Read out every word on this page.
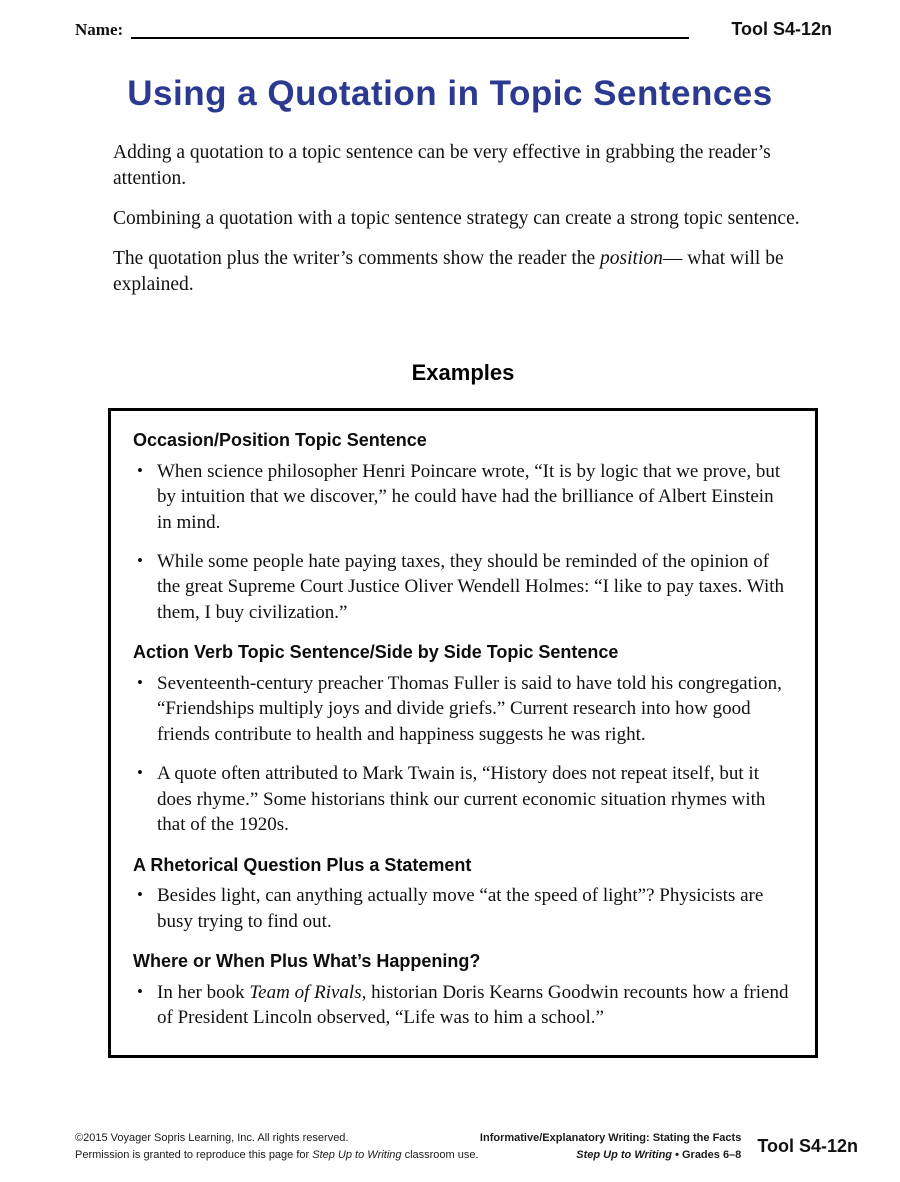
Name:	Tool S4-12n
Using a Quotation in Topic Sentences

Adding a quotation to a topic sentence can be very effective in grabbing the reader’s attention.

Combining a quotation with a topic sentence strategy can create a strong topic sentence.

The quotation plus the writer’s comments show the reader the position— what will be explained.

Examples
Occasion/Position Topic Sentence
• When science philosopher Henri Poincare wrote, “It is by logic that we prove, but by intuition that we discover,” he could have had the brilliance of Albert Einstein in mind.
• While some people hate paying taxes, they should be reminded of the opinion of the great Supreme Court Justice Oliver Wendell Holmes: “I like to pay taxes. With them, I buy civilization.”
Action Verb Topic Sentence/Side by Side Topic Sentence
• Seventeenth-century preacher Thomas Fuller is said to have told his congregation, “Friendships multiply joys and divide griefs.” Current research into how good friends contribute to health and happiness suggests he was right.
• A quote often attributed to Mark Twain is, “History does not repeat itself, but it does rhyme.” Some historians think our current economic situation rhymes with that of the 1920s.
A Rhetorical Question Plus a Statement
• Besides light, can anything actually move “at the speed of light”? Physicists are busy trying to find out.
Where or When Plus What’s Happening?
• In her book Team of Rivals, historian Doris Kearns Goodwin recounts how a friend of President Lincoln observed, “Life was to him a school.”
©2015 Voyager Sopris Learning, Inc. All rights reserved.
Permission is granted to reproduce this page for Step Up to Writing classroom use.
Informative/Explanatory Writing: Stating the Facts
Step Up to Writing • Grades 6–8 Tool S4-12n
